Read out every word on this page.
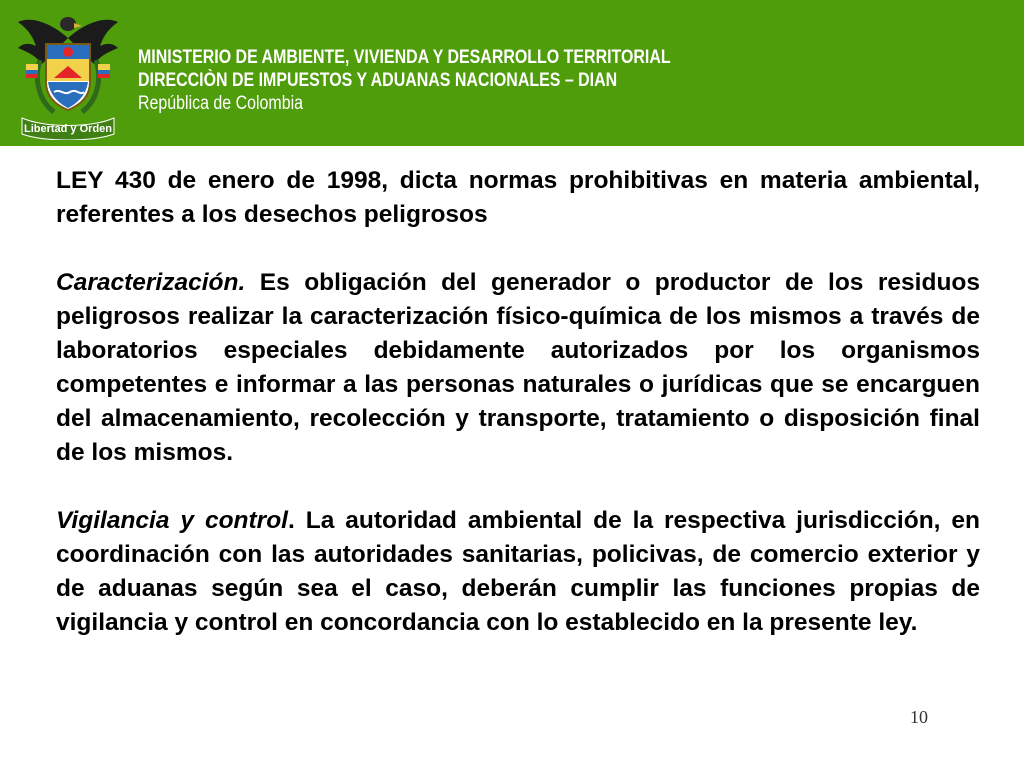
Libertad y Orden
MINISTERIO DE AMBIENTE, VIVIENDA Y DESARROLLO TERRITORIAL
DIRECCIÒN DE IMPUESTOS Y ADUANAS NACIONALES – DIAN
República de Colombia

LEY 430 de enero de 1998, dicta normas prohibitivas en materia ambiental, referentes a los desechos peligrosos

Caracterización. Es obligación del generador o productor de los residuos peligrosos realizar la caracterización físico-química de los mismos a través de laboratorios especiales debidamente autorizados por los organismos competentes e informar a las personas naturales o jurídicas que se encarguen del almacenamiento, recolección y transporte, tratamiento o disposición final de los mismos.

Vigilancia y control. La autoridad ambiental de la respectiva jurisdicción, en coordinación con las autoridades sanitarias, policivas, de comercio exterior y de aduanas según sea el caso, deberán cumplir las funciones propias de vigilancia y control en concordancia con lo establecido en la presente ley.

10
